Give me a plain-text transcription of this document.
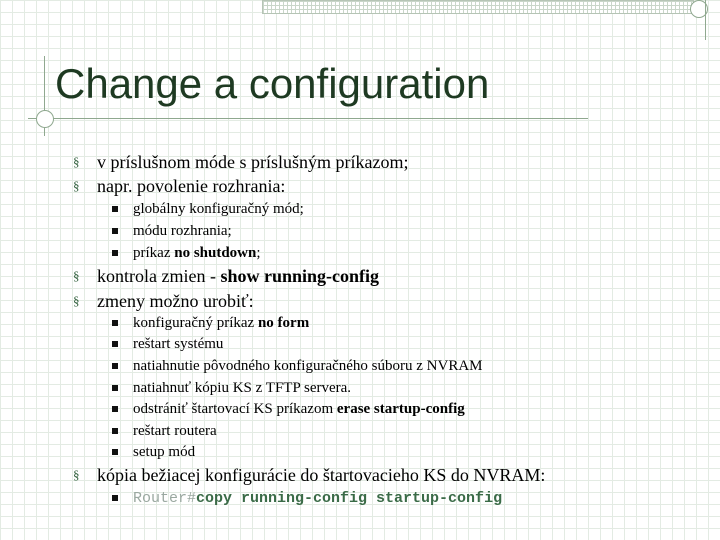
Change a configuration
§ v príslušnom móde s príslušným príkazom;
§ napr. povolenie rozhrania:
globálny konfiguračný mód;
módu rozhrania;
príkaz no shutdown;
§ kontrola zmien - show running-config
§ zmeny možno urobiť:
konfiguračný príkaz no form
reštart systému
natiahnutie pôvodného konfiguračného súboru z NVRAM
natiahnuť kópiu KS z TFTP servera.
odstrániť štartovací KS príkazom erase startup-config
reštart routera
setup mód
§ kópia bežiacej konfigurácie do štartovacieho KS do NVRAM:
Router#copy running-config startup-config
